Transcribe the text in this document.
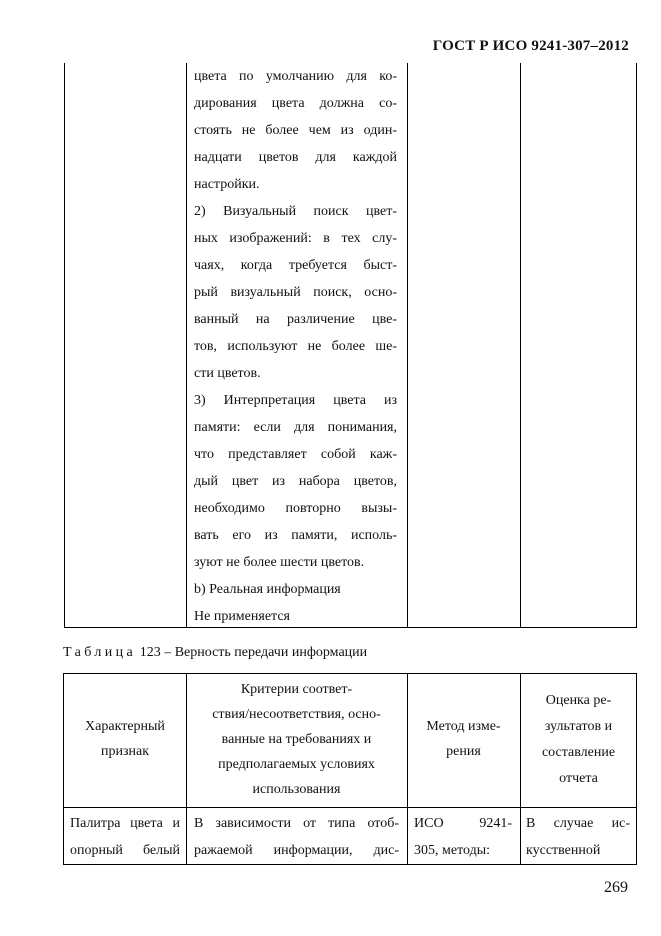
ГОСТ Р ИСО 9241-307–2012
цвета по умолчанию для ко-
дирования цвета должна со-
стоять не более чем из один-
надцати цветов для каждой
настройки.
2) Визуальный поиск цвет-
ных изображений: в тех слу-
чаях, когда требуется быст-
рый визуальный поиск, осно-
ванный на различение цве-
тов, используют не более ше-
сти цветов.
3) Интерпретация цвета из
памяти: если для понимания,
что представляет собой каж-
дый цвет из набора цветов,
необходимо повторно вызы-
вать его из памяти, исполь-
зуют не более шести цветов.
b) Реальная информация
Не применяется
Таблица 123 – Верность передачи информации
Характерный
признак
Критерии соответ-
ствия/несоответствия, осно-
ванные на требованиях и
предполагаемых условиях
использования
Метод изме-
рения
Оценка ре-
зультатов и
составление
отчета
Палитра цвета и
опорный белый
В зависимости от типа отоб-
ражаемой информации, дис-
ИСО 9241-
305, методы:
В случае ис-
кусственной
269
